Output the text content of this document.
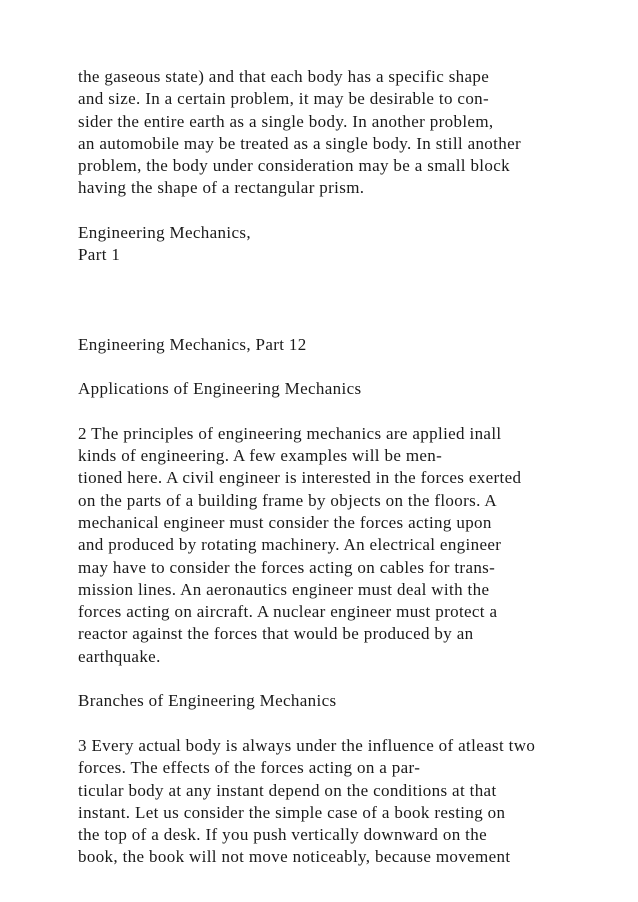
the gaseous state) and that each body has a specific shape
and size. In a certain problem, it may be desirable to con-
sider the entire earth as a single body. In another problem,
an automobile may be treated as a single body. In still another
problem, the body under consideration may be a small block
having the shape of a rectangular prism.
Engineering Mechanics,
Part 1
Engineering Mechanics, Part 12
Applications of Engineering Mechanics
2 The principles of engineering mechanics are applied inall
kinds of engineering. A few examples will be men-
tioned here. A civil engineer is interested in the forces exerted
on the parts of a building frame by objects on the floors. A
mechanical engineer must consider the forces acting upon
and produced by rotating machinery. An electrical engineer
may have to consider the forces acting on cables for trans-
mission lines. An aeronautics engineer must deal with the
forces acting on aircraft. A nuclear engineer must protect a
reactor against the forces that would be produced by an
earthquake.
Branches of Engineering Mechanics
3 Every actual body is always under the influence of atleast two
forces. The effects of the forces acting on a par-
ticular body at any instant depend on the conditions at that
instant. Let us consider the simple case of a book resting on
the top of a desk. If you push vertically downward on the
book, the book will not move noticeably, because movement
